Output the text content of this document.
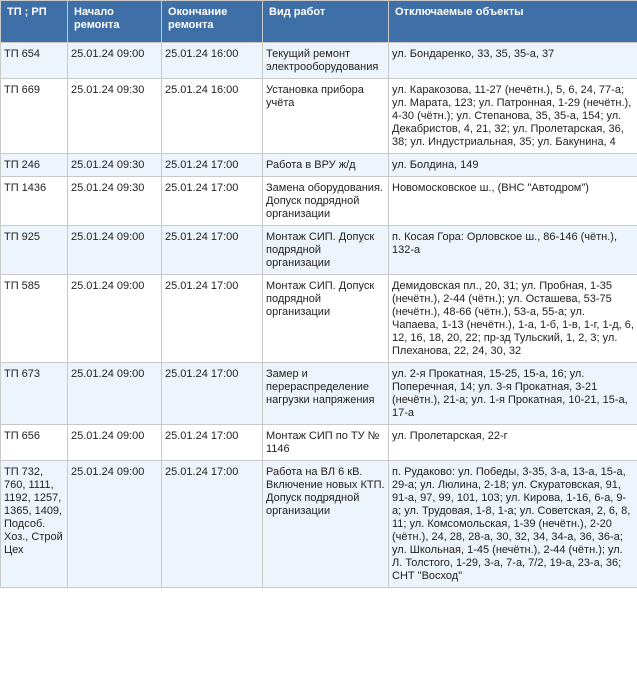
ТП ; РП	Начало ремонта	Окончание ремонта	Вид работ	Отключаемые объекты
ТП 654	25.01.24 09:00	25.01.24 16:00	Текущий ремонт электрооборудования	ул. Бондаренко, 33, 35, 35-а, 37
ТП 669	25.01.24 09:30	25.01.24 16:00	Установка прибора учёта	ул. Каракозова, 11-27 (нечётн.), 5, 6, 24, 77-а; ул. Марата, 123; ул. Патронная, 1-29 (нечётн.), 4-30 (чётн.); ул. Степанова, 35, 35-а, 154; ул. Декабристов, 4, 21, 32; ул. Пролетарская, 36, 38; ул. Индустриальная, 35; ул. Бакунина, 4
ТП 246	25.01.24 09:30	25.01.24 17:00	Работа в ВРУ ж/д	ул. Болдина, 149
ТП 1436	25.01.24 09:30	25.01.24 17:00	Замена оборудования. Допуск подрядной организации	Новомосковское ш., (ВНС "Автодром")
ТП 925	25.01.24 09:00	25.01.24 17:00	Монтаж СИП. Допуск подрядной организации	п. Косая Гора: Орловское ш., 86-146 (чётн.), 132-а
ТП 585	25.01.24 09:00	25.01.24 17:00	Монтаж СИП. Допуск подрядной организации	Демидовская пл., 20, 31; ул. Пробная, 1-35 (нечётн.), 2-44 (чётн.); ул. Осташева, 53-75 (нечётн.), 48-66 (чётн.), 53-а, 55-а; ул. Чапаева, 1-13 (нечётн.), 1-а, 1-б, 1-в, 1-г, 1-д, 6, 12, 16, 18, 20, 22; пр-зд Тульский, 1, 2, 3; ул. Плеханова, 22, 24, 30, 32
ТП 673	25.01.24 09:00	25.01.24 17:00	Замер и перераспределение нагрузки напряжения	ул. 2-я Прокатная, 15-25, 15-а, 16; ул. Поперечная, 14; ул. 3-я Прокатная, 3-21 (нечётн.), 21-а; ул. 1-я Прокатная, 10-21, 15-а, 17-а
ТП 656	25.01.24 09:00	25.01.24 17:00	Монтаж СИП по ТУ № 1146	ул. Пролетарская, 22-г
ТП 732, 760, 1111, 1192, 1257, 1365, 1409, Подсоб. Хоз., Строй Цех	25.01.24 09:00	25.01.24 17:00	Работа на ВЛ 6 кВ. Включение новых КТП. Допуск подрядной организации	п. Рудаково: ул. Победы, 3-35, 3-а, 13-а, 15-а, 29-а; ул. Люлина, 2-18; ул. Скуратовская, 91, 91-а, 97, 99, 101, 103; ул. Кирова, 1-16, 6-а, 9-а; ул. Трудовая, 1-8, 1-а; ул. Советская, 2, 6, 8, 11; ул. Комсомольская, 1-39 (нечётн.), 2-20 (чётн.), 24, 28, 28-а, 30, 32, 34, 34-а, 36, 36-а; ул. Школьная, 1-45 (нечётн.), 2-44 (чётн.); ул. Л. Толстого, 1-29, 3-а, 7-а, 7/2, 19-а, 23-а, 36; СНТ "Восход"
